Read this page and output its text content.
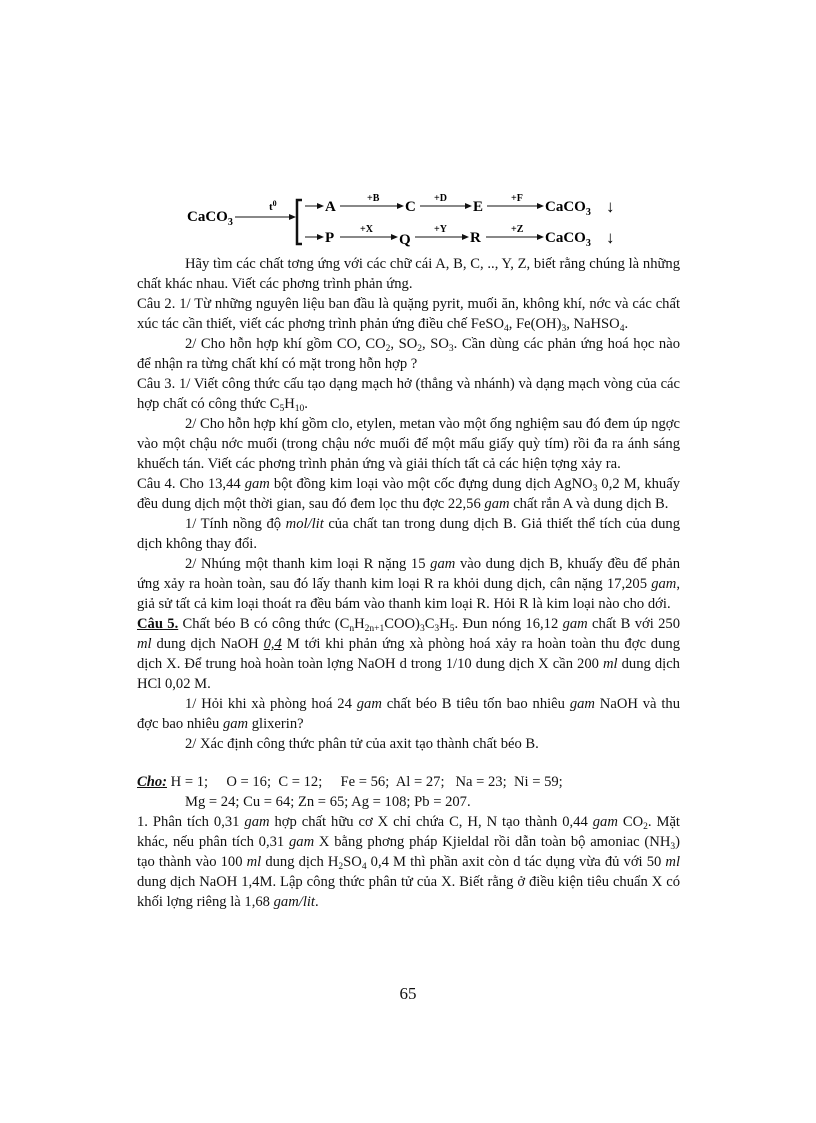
CaCO$_3$
$t^0$	A
+B
C
+D
E
+F
CaCO$_3$ ↓
P
+X
Q
+Y
R
+Z
CaCO$_3$ ↓

Hãy tìm các chất tơng ứng với các chữ cái A, B, C, .., Y, Z, biết rằng chúng là những chất khác nhau. Viết các phơng trình phản ứng.

Câu 2. 1/ Từ những nguyên liệu ban đầu là quặng pyrit, muối ăn, không khí, nớc và các chất xúc tác cần thiết, viết các phơng trình phản ứng điều chế FeSO$_4$, $Fe(OH)_3$, NaHSO$_4$.

2/ Cho hỗn hợp khí gồm CO, $CO_2$, $SO_2$, $SO_3$. Cần dùng các phản ứng hoá học nào để nhận ra từng chất khí có mặt trong hỗn hợp ?

Câu 3. 1/ Viết công thức cấu tạo dạng mạch hở (thẳng và nhánh) và dạng mạch vòng của các hợp chất có công thức $C_5H_{10}$.

2/ Cho hỗn hợp khí gồm clo, etylen, metan vào một ống nghiệm sau đó đem úp ngợc vào một chậu nớc muối (trong chậu nớc muối để một mẩu giấy quỳ tím) rồi đa ra ánh sáng khuếch tán. Viết các phơng trình phản ứng và giải thích tất cả các hiện tợng xảy ra.

Câu 4. Cho 13,44 gam bột đồng kim loại vào một cốc đựng dung dịch AgNO$_3$ 0,2 M, khuấy đều dung dịch một thời gian, sau đó đem lọc thu đợc 22,56 gam chất rắn A và dung dịch B.

1/ Tính nồng độ mol/lit của chất tan trong dung dịch B. Giả thiết thể tích của dung dịch không thay đổi.

2/ Nhúng một thanh kim loại R nặng 15 gam vào dung dịch B, khuấy đều để phản ứng xảy ra hoàn toàn, sau đó lấy thanh kim loại R ra khỏi dung dịch, cân nặng 17,205 gam, giả sử tất cả kim loại thoát ra đều bám vào thanh kim loại R. Hỏi R là kim loại nào cho dới.

Câu 5. Chất béo B có công thức $(C_nH_{2n+1}COO)_3C_3H_5$. Đun nóng 16,12 gam chất B với 250 ml dung dịch NaOH 0,4 M tới khi phản ứng xà phòng hoá xảy ra hoàn toàn thu đợc dung dịch X. Để trung hoà hoàn toàn lợng NaOH d trong 1/10 dung dịch X cần 200 ml dung dịch HCl 0,02 M.

1/ Hỏi khi xà phòng hoá 24 gam chất béo B tiêu tốn bao nhiêu gam NaOH và thu đợc bao nhiêu gam glixerin?

2/ Xác định công thức phân tử của axit tạo thành chất béo B.

Cho: H = 1;     O = 16;  C = 12;     Fe = 56;  Al = 27;   Na = 23;  Ni = 59;

Mg = 24; Cu = 64; Zn = 65; Ag = 108; Pb = 207.

1. Phân tích 0,31 gam hợp chất hữu cơ X chỉ chứa C, H, N tạo thành 0,44 gam $CO_2$. Mặt khác, nếu phân tích 0,31 gam X bằng phơng pháp Kjieldal rồi dẫn toàn bộ amoniac $(NH_3)$ tạo thành vào 100 ml dung dịch $H_2SO_4$ 0,4 M thì phần axit còn d tác dụng vừa đủ với 50 ml dung dịch NaOH 1,4M. Lập công thức phân tử của X. Biết rằng ở điều kiện tiêu chuẩn X có khối lợng riêng là 1,68 gam/lit.

65
